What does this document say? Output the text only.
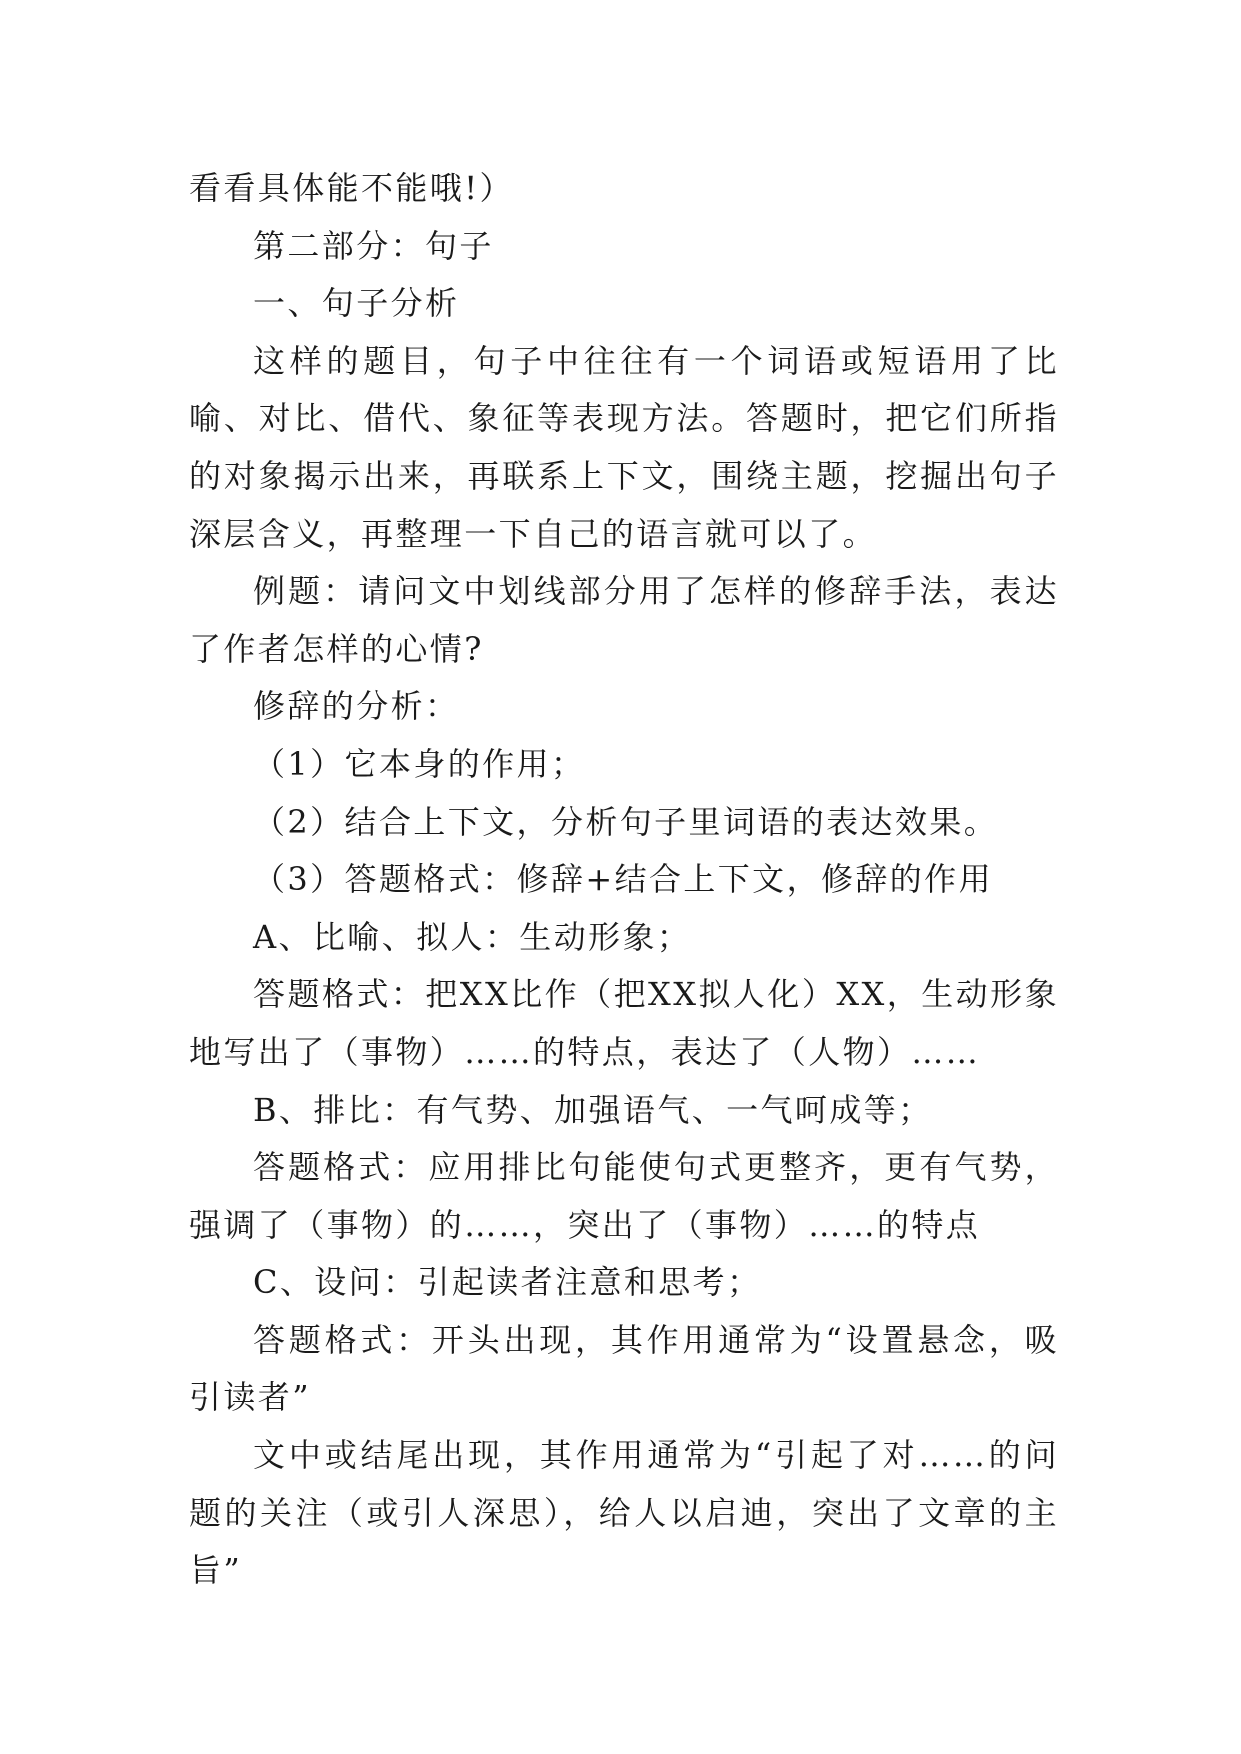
看看具体能不能哦!）

第二部分：句子

一、句子分析

这样的题目，句子中往往有一个词语或短语用了比喻、对比、借代、象征等表现方法。答题时，把它们所指的对象揭示出来，再联系上下文，围绕主题，挖掘出句子深层含义，再整理一下自己的语言就可以了。

例题：请问文中划线部分用了怎样的修辞手法，表达了作者怎样的心情?

修辞的分析：

（1）它本身的作用；

（2）结合上下文，分析句子里词语的表达效果。

（3）答题格式：修辞+结合上下文，修辞的作用

A、比喻、拟人：生动形象；

答题格式：把XX比作（把XX拟人化）XX，生动形象地写出了（事物）……的特点，表达了（人物）……

B、排比：有气势、加强语气、一气呵成等；

答题格式：应用排比句能使句式更整齐，更有气势，强调了（事物）的……，突出了（事物）……的特点

C、设问：引起读者注意和思考；

答题格式：开头出现，其作用通常为“设置悬念，吸引读者”

文中或结尾出现，其作用通常为“引起了对……的问题的关注（或引人深思），给人以启迪，突出了文章的主旨”
